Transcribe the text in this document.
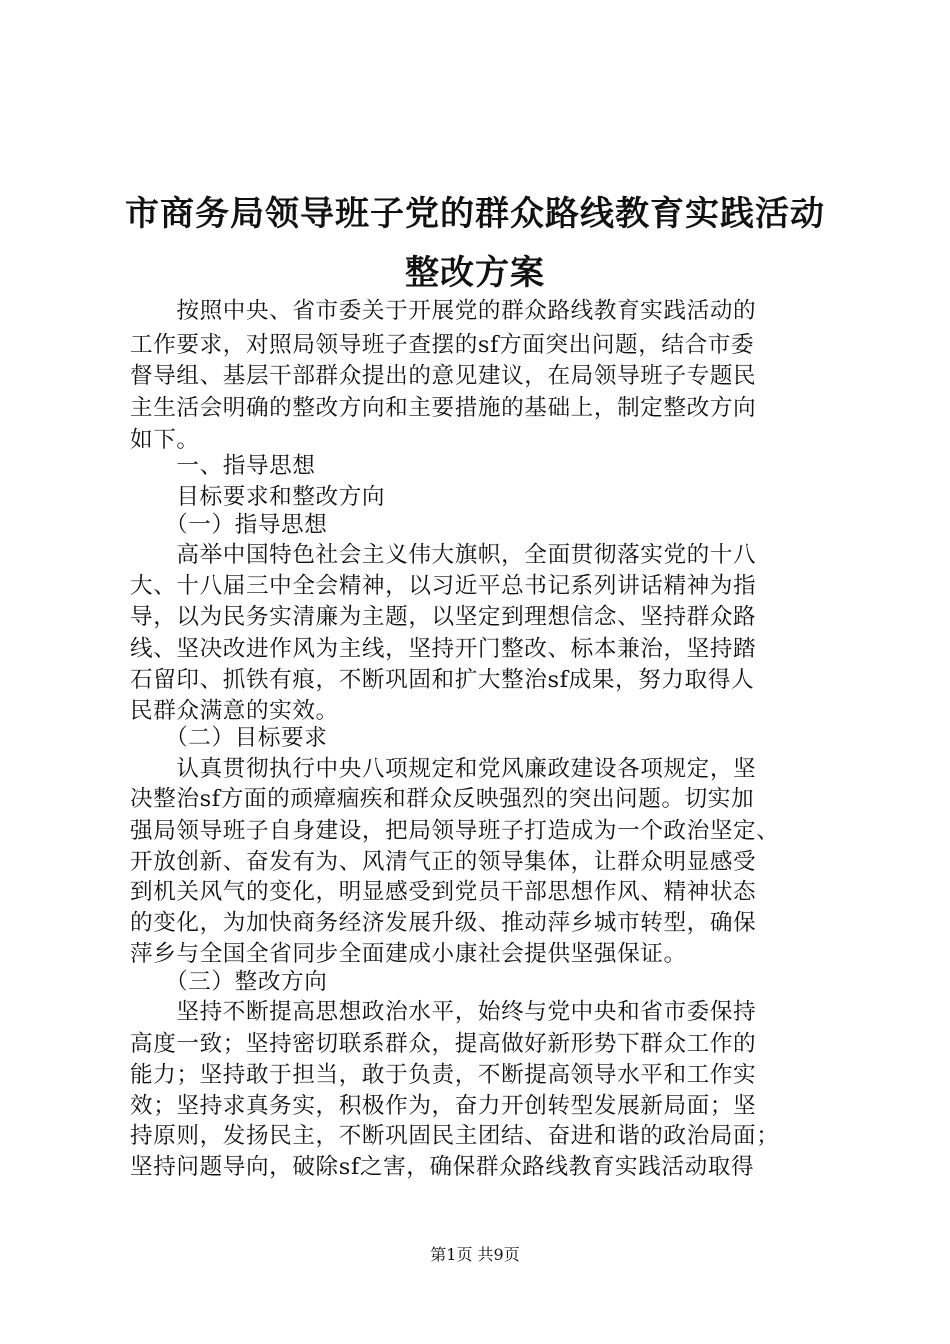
市商务局领导班子党的群众路线教育实践活动
整改方案
　　按照中央、省市委关于开展党的群众路线教育实践活动的
工作要求，对照局领导班子查摆的sf方面突出问题，结合市委
督导组、基层干部群众提出的意见建议，在局领导班子专题民
主生活会明确的整改方向和主要措施的基础上，制定整改方向
如下。
　　一、指导思想
　　目标要求和整改方向
　　（一）指导思想
　　高举中国特色社会主义伟大旗帜，全面贯彻落实党的十八
大、十八届三中全会精神，以习近平总书记系列讲话精神为指
导，以为民务实清廉为主题，以坚定到理想信念、坚持群众路
线、坚决改进作风为主线，坚持开门整改、标本兼治，坚持踏
石留印、抓铁有痕，不断巩固和扩大整治sf成果，努力取得人
民群众满意的实效。
　　（二）目标要求
　　认真贯彻执行中央八项规定和党风廉政建设各项规定，坚
决整治sf方面的顽瘴痼疾和群众反映强烈的突出问题。切实加
强局领导班子自身建设，把局领导班子打造成为一个政治坚定、
开放创新、奋发有为、风清气正的领导集体，让群众明显感受
到机关风气的变化，明显感受到党员干部思想作风、精神状态
的变化，为加快商务经济发展升级、推动萍乡城市转型，确保
萍乡与全国全省同步全面建成小康社会提供坚强保证。
　　（三）整改方向
　　坚持不断提高思想政治水平，始终与党中央和省市委保持
高度一致；坚持密切联系群众，提高做好新形势下群众工作的
能力；坚持敢于担当，敢于负责，不断提高领导水平和工作实
效；坚持求真务实，积极作为，奋力开创转型发展新局面；坚
持原则，发扬民主，不断巩固民主团结、奋进和谐的政治局面；
坚持问题导向，破除sf之害，确保群众路线教育实践活动取得
第1页 共9页
